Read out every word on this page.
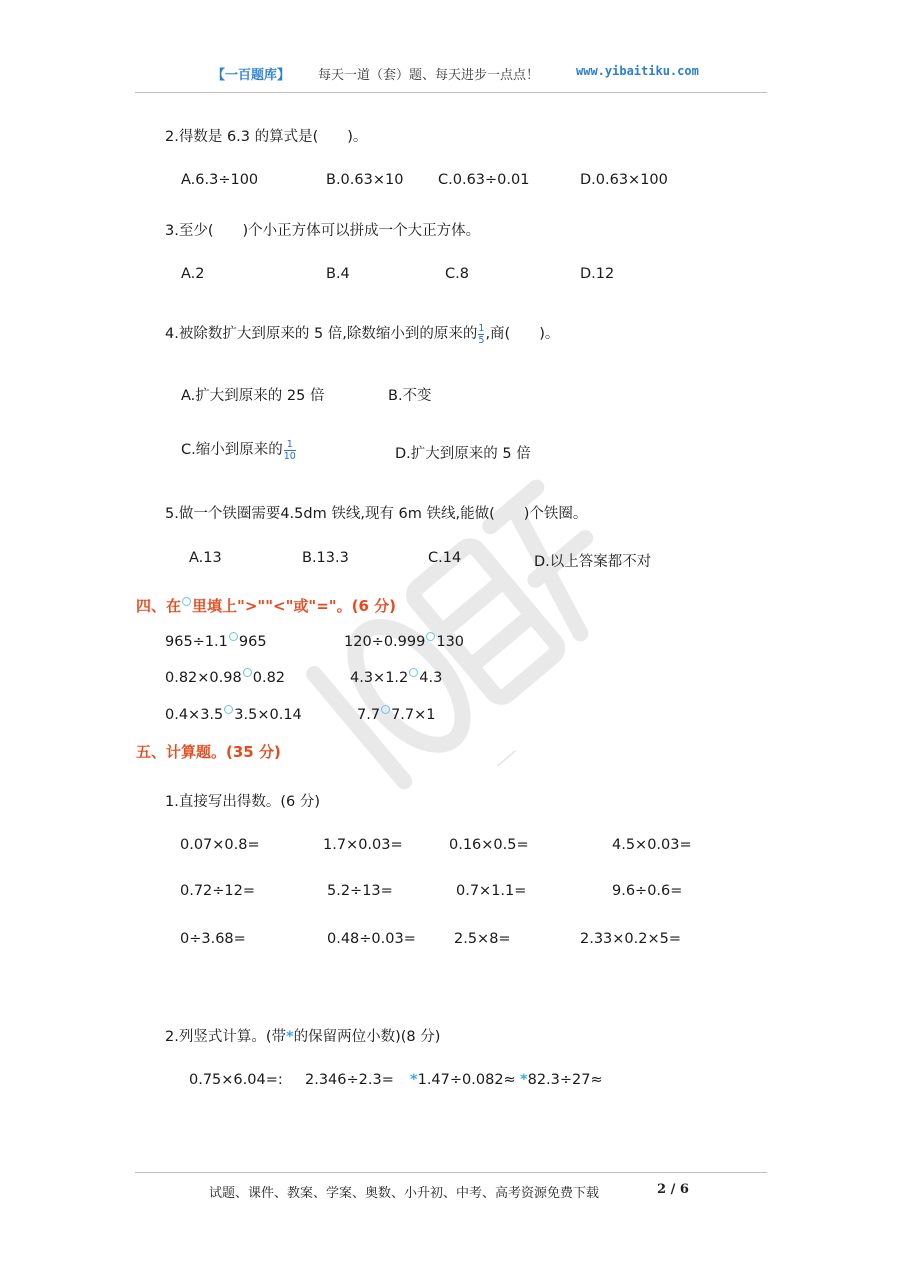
【一百题库】 每天一道（套）题、每天进步一点点！	www.yibaitiku.com
—
2.得数是 6.3 的算式是(　　)。
A.6.3÷100	B.0.63×10 C.0.63÷0.01	D.0.63×100
3.至少(　　)个小正方体可以拼成一个大正方体。
A.2	B.4	C.8	D.12
4.被除数扩大到原来的 5 倍,除数缩小到的原来的 $\frac{1}{5}$ ,商(　　)。
A.扩大到原来的 25 倍	B.不变
C.缩小到原来的 $\frac{1}{10}$	D.扩大到原来的 5 倍
5.做一个铁圈需要4.5dm 铁线,现有 6m 铁线,能做(　　)个铁圈。
A.13	B.13.3	C.14	D.以上答案都不对
四、在 里填上">""<"或"="。(6 分)
965÷1.1 965	120÷0.999 130
0.82×0.98 0.82	4.3×1.2 4.3
0.4×3.5 3.5×0.14	7.7 7.7×1
五、计算题。(35 分)
1.直接写出得数。(6 分)
0.07×0.8=	1.7×0.03=	0.16×0.5=	4.5×0.03=
0.72÷12=	5.2÷13=	0.7×1.1=	9.6÷0.6=
0÷3.68=	0.48÷0.03=	2.5×8=	2.33×0.2×5=
2.列竖式计算。(带*的保留两位小数)(8 分)
0.75×6.04=: 2.346÷2.3= *1.47÷0.082≈ *82.3÷27≈
试题、课件、教案、学案、奥数、小升初、中考、高考资源免费下载	2 / 6
